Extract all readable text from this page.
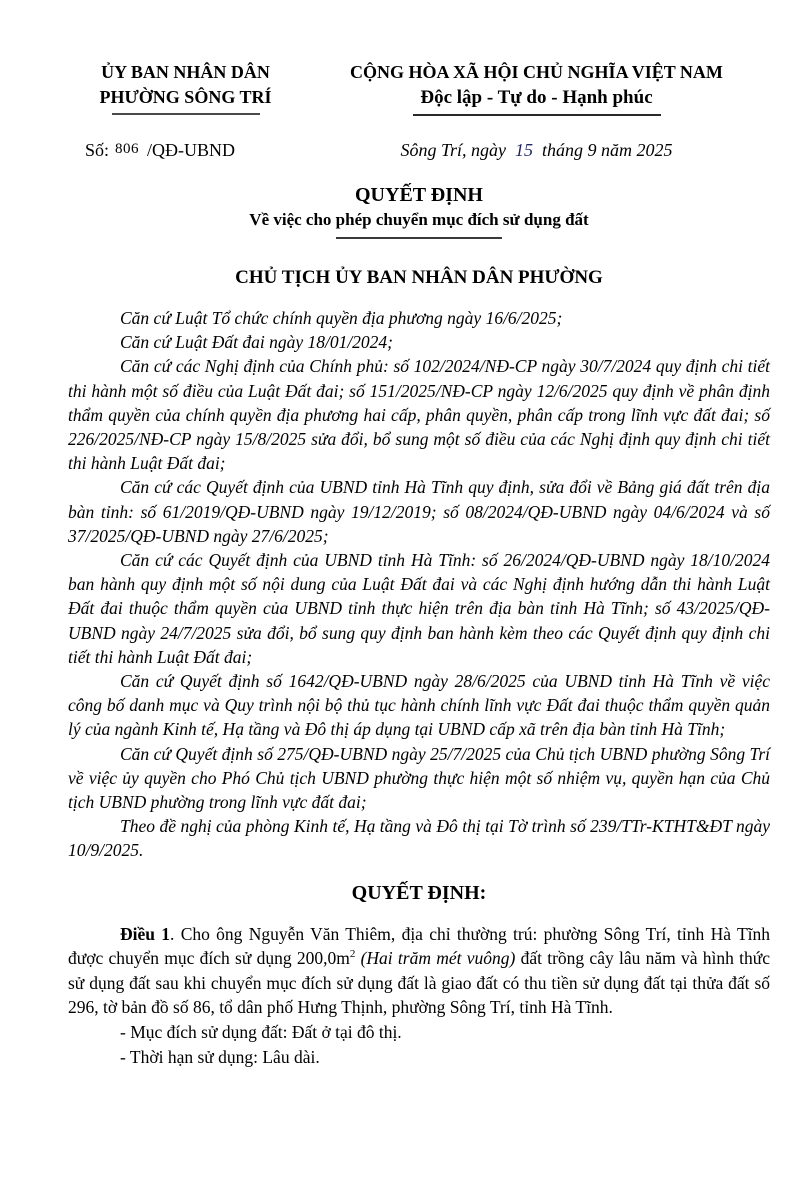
ỦY BAN NHÂN DÂN
PHƯỜNG SÔNG TRÍ
CỘNG HÒA XÃ HỘI CHỦ NGHĨA VIỆT NAM
Độc lập - Tự do - Hạnh phúc
Số: 806 /QĐ-UBND	Sông Trí, ngày 15 tháng 9 năm 2025
QUYẾT ĐỊNH
Về việc cho phép chuyển mục đích sử dụng đất
CHỦ TỊCH ỦY BAN NHÂN DÂN PHƯỜNG

Căn cứ Luật Tổ chức chính quyền địa phương ngày 16/6/2025;

Căn cứ Luật Đất đai ngày 18/01/2024;

Căn cứ các Nghị định của Chính phủ: số 102/2024/NĐ-CP ngày 30/7/2024 quy định chi tiết thi hành một số điều của Luật Đất đai; số 151/2025/NĐ-CP ngày 12/6/2025 quy định về phân định thẩm quyền của chính quyền địa phương hai cấp, phân quyền, phân cấp trong lĩnh vực đất đai; số 226/2025/NĐ-CP ngày 15/8/2025 sửa đổi, bổ sung một số điều của các Nghị định quy định chi tiết thi hành Luật Đất đai;

Căn cứ các Quyết định của UBND tỉnh Hà Tĩnh quy định, sửa đổi về Bảng giá đất trên địa bàn tỉnh: số 61/2019/QĐ-UBND ngày 19/12/2019; số 08/2024/QĐ-UBND ngày 04/6/2024 và số 37/2025/QĐ-UBND ngày 27/6/2025;

Căn cứ các Quyết định của UBND tỉnh Hà Tĩnh: số 26/2024/QĐ-UBND ngày 18/10/2024 ban hành quy định một số nội dung của Luật Đất đai và các Nghị định hướng dẫn thi hành Luật Đất đai thuộc thẩm quyền của UBND tỉnh thực hiện trên địa bàn tỉnh Hà Tĩnh; số 43/2025/QĐ-UBND ngày 24/7/2025 sửa đổi, bổ sung quy định ban hành kèm theo các Quyết định quy định chi tiết thi hành Luật Đất đai;

Căn cứ Quyết định số 1642/QĐ-UBND ngày 28/6/2025 của UBND tỉnh Hà Tĩnh về việc công bố danh mục và Quy trình nội bộ thủ tục hành chính lĩnh vực Đất đai thuộc thẩm quyền quản lý của ngành Kinh tế, Hạ tầng và Đô thị áp dụng tại UBND cấp xã trên địa bàn tỉnh Hà Tĩnh;

Căn cứ Quyết định số 275/QĐ-UBND ngày 25/7/2025 của Chủ tịch UBND phường Sông Trí về việc ủy quyền cho Phó Chủ tịch UBND phường thực hiện một số nhiệm vụ, quyền hạn của Chủ tịch UBND phường trong lĩnh vực đất đai;

Theo đề nghị của phòng Kinh tế, Hạ tầng và Đô thị tại Tờ trình số 239/TTr-KTHT&ĐT ngày 10/9/2025.

QUYẾT ĐỊNH:

Điều 1. Cho ông Nguyễn Văn Thiêm, địa chỉ thường trú: phường Sông Trí, tỉnh Hà Tĩnh được chuyển mục đích sử dụng $200,0m^2$ (Hai trăm mét vuông) đất trồng cây lâu năm và hình thức sử dụng đất sau khi chuyển mục đích sử dụng đất là giao đất có thu tiền sử dụng đất tại thửa đất số 296, tờ bản đồ số 86, tổ dân phố Hưng Thịnh, phường Sông Trí, tỉnh Hà Tĩnh.

- Mục đích sử dụng đất: Đất ở tại đô thị.

- Thời hạn sử dụng: Lâu dài.
